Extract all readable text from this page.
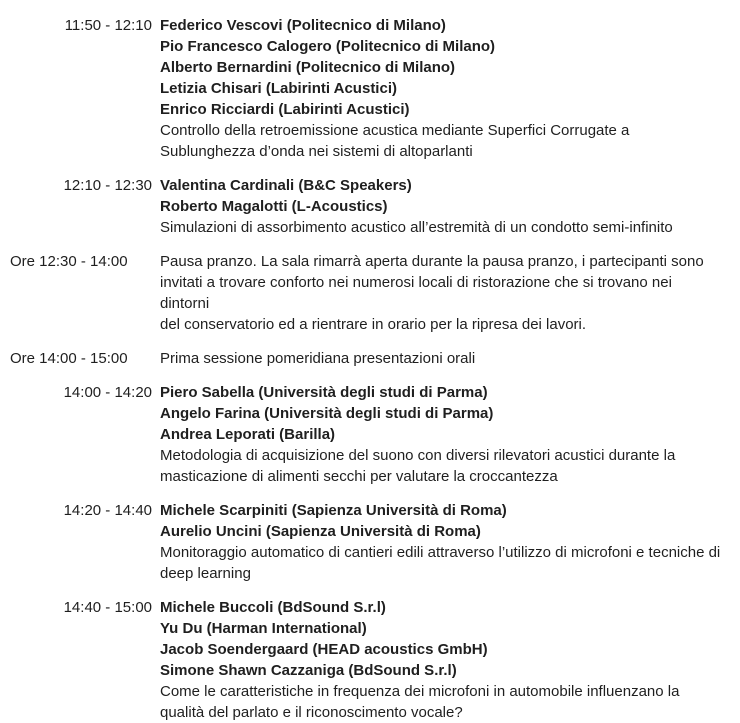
11:50 - 12:10 Federico Vescovi (Politecnico di Milano)
Pio Francesco Calogero (Politecnico di Milano)
Alberto Bernardini (Politecnico di Milano)
Letizia Chisari (Labirinti Acustici)
Enrico Ricciardi (Labirinti Acustici)
Controllo della retroemissione acustica mediante Superfici Corrugate a
Sublunghezza d’onda nei sistemi di altoparlanti
12:10 - 12:30 Valentina Cardinali (B&C Speakers)
Roberto Magalotti (L-Acoustics)
Simulazioni di assorbimento acustico all’estremità di un condotto semi-infinito
Ore 12:30 - 14:00	Pausa pranzo. La sala rimarrà aperta durante la pausa pranzo, i partecipanti sono
invitati a trovare conforto nei numerosi locali di ristorazione che si trovano nei dintorni
del conservatorio ed a rientrare in orario per la ripresa dei lavori.
Ore 14:00 - 15:00	Prima sessione pomeridiana presentazioni orali
14:00 - 14:20 Piero Sabella (Università degli studi di Parma)
Angelo Farina (Università degli studi di Parma)
Andrea Leporati (Barilla)
Metodologia di acquisizione del suono con diversi rilevatori acustici durante la
masticazione di alimenti secchi per valutare la croccantezza
14:20 - 14:40 Michele Scarpiniti (Sapienza Università di Roma)
Aurelio Uncini (Sapienza Università di Roma)
Monitoraggio automatico di cantieri edili attraverso l’utilizzo di microfoni e tecniche di
deep learning
14:40 - 15:00 Michele Buccoli (BdSound S.r.l)
Yu Du (Harman International)
Jacob Soendergaard (HEAD acoustics GmbH)
Simone Shawn Cazzaniga (BdSound S.r.l)
Come le caratteristiche in frequenza dei microfoni in automobile influenzano la
qualità del parlato e il riconoscimento vocale?
